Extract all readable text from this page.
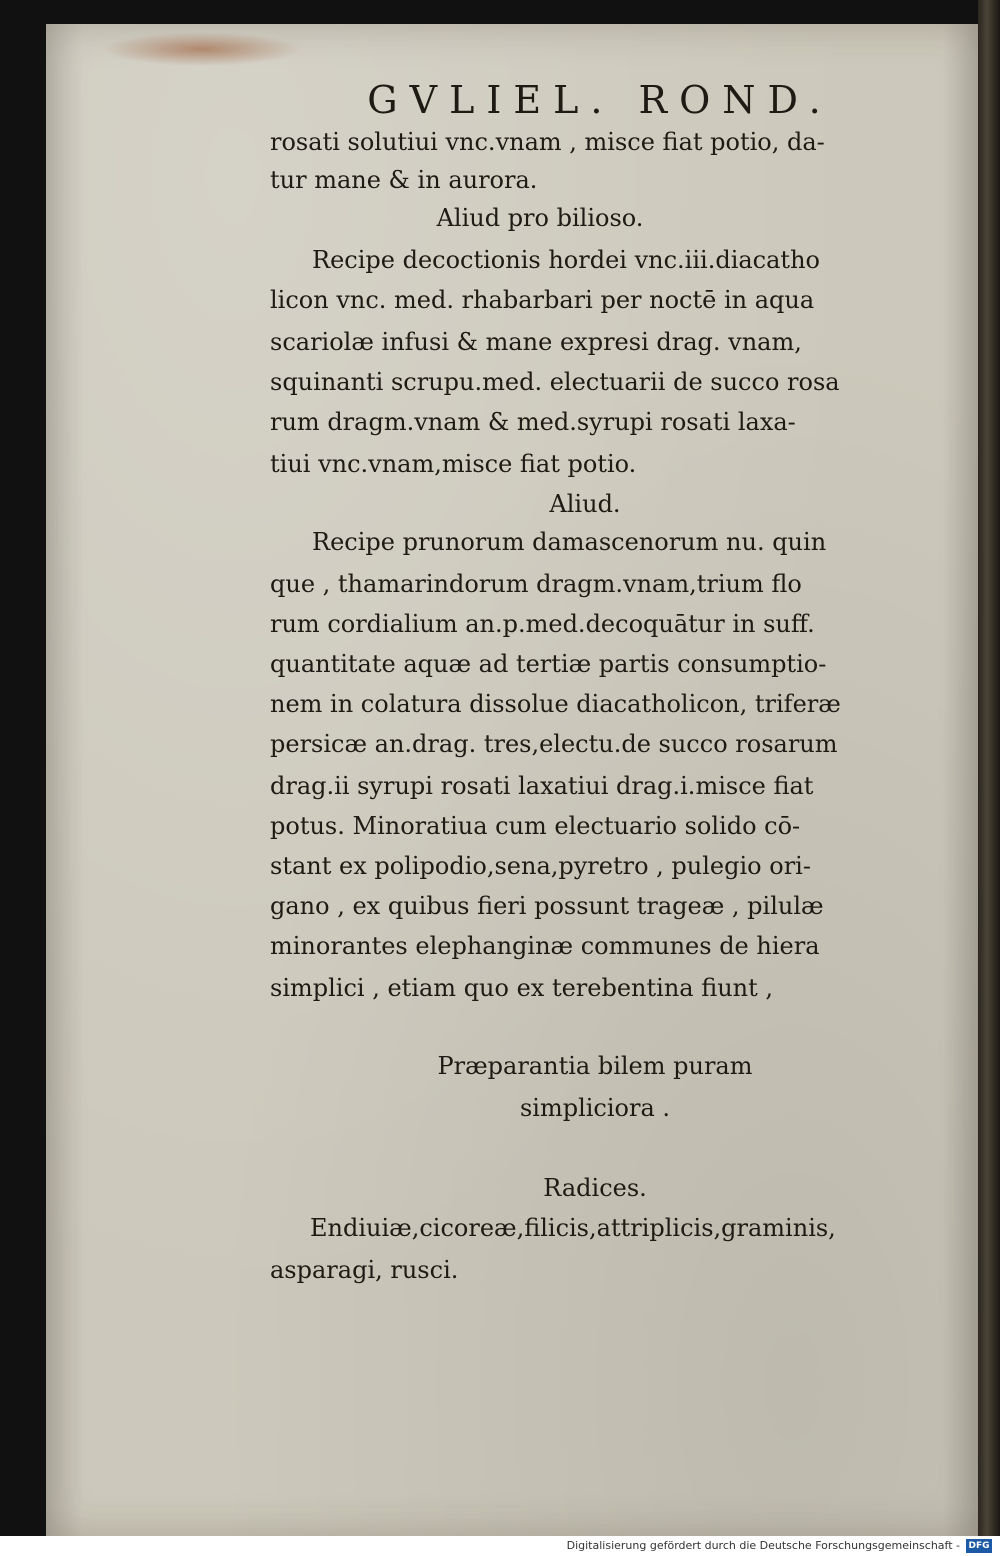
GVLIEL. ROND.
rosati solutiui vnc.vnam , misce fiat potio, da-
tur mane & in aurora.
Aliud pro bilioso.
Recipe decoctionis hordei vnc.iii.diacatho
licon vnc. med. rhabarbari per noctē in aqua
scariolæ infusi & mane expresi drag. vnam,
squinanti scrupu.med. electuarii de succo rosa
rum dragm.vnam & med.syrupi rosati laxa-
tiui vnc.vnam,misce fiat potio.
Aliud.
Recipe prunorum damascenorum nu. quin
que , thamarindorum dragm.vnam,trium flo
rum cordialium an.p.med.decoquātur in suff.
quantitate aquæ ad tertiæ partis consumptio-
nem in colatura dissolue diacatholicon, triferæ
persicæ an.drag. tres,electu.de succo rosarum
drag.ii syrupi rosati laxatiui drag.i.misce fiat
potus. Minoratiua cum electuario solido cō-
stant ex polipodio,sena,pyretro , pulegio ori-
gano , ex quibus fieri possunt trageæ , pilulæ
minorantes elephanginæ communes de hiera
simplici , etiam quo ex terebentina fiunt ,
Præparantia bilem puram
simpliciora .
Radices.
Endiuiæ,cicoreæ,filicis,attriplicis,graminis,
asparagi, rusci.
Digitalisierung gefördert durch die Deutsche Forschungsgemeinschaft - DFG
